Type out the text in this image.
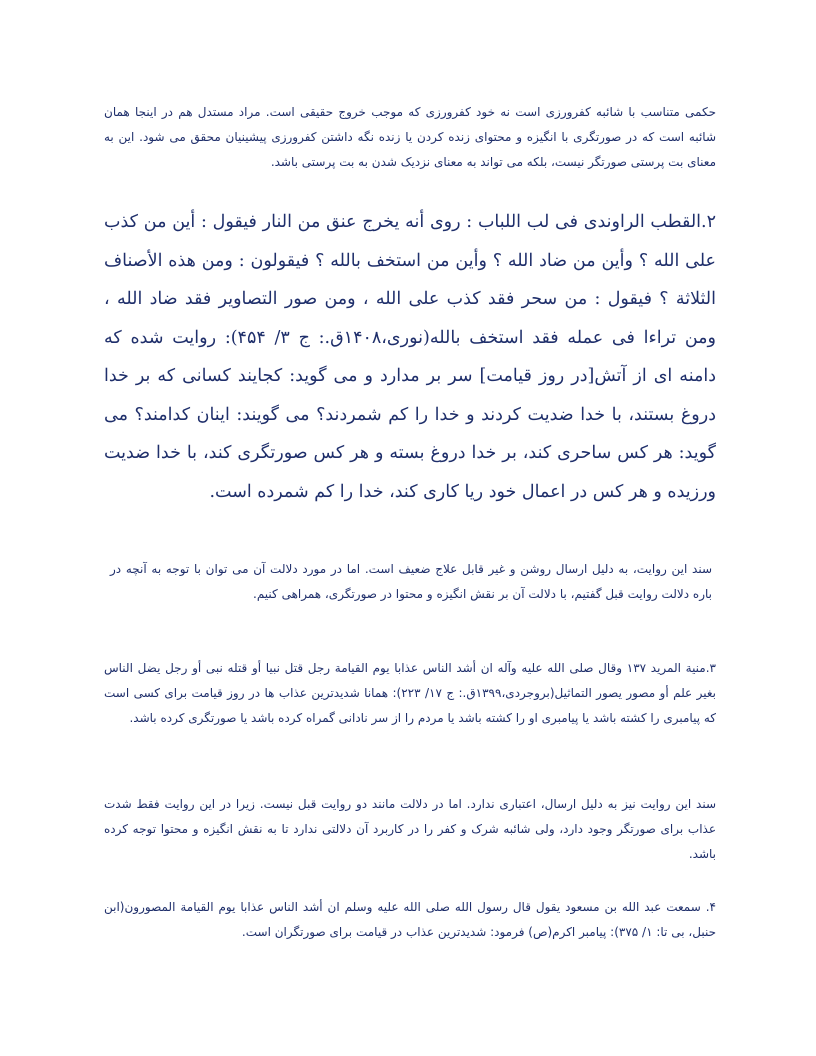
حکمی متناسب با شائبه کفرورزی است نه خود کفرورزی که موجب خروج حقیقی است. مراد مستدل هم در اینجا همان شائبه است که در صورتگری با انگیزه و محتوای زنده کردن یا زنده نگه داشتن کفرورزی پیشینیان محقق می شود. این به معنای بت پرستی صورتگر نیست، بلکه می تواند به معنای نزدیک شدن به بت پرستی باشد.

۲.القطب الراوندی فی لب اللباب : روی أنه یخرج عنق من النار فیقول : أین من کذب علی الله ؟ وأین من ضاد الله ؟ وأین من استخف بالله ؟ فیقولون : ومن هذه الأصناف الثلاثة ؟ فیقول : من سحر فقد کذب علی الله ، ومن صور التصاویر فقد ضاد الله ، ومن تراءا فی عمله فقد استخف بالله(نوری،۱۴۰۸ق.: ج ۳/ ۴۵۴): روایت شده که دامنه ای از آتش[در روز قیامت] سر بر مدارد و می گوید: کجایند کسانی که بر خدا دروغ بستند، با خدا ضدیت کردند و خدا را کم شمردند؟ می گویند: اینان کدامند؟ می گوید: هر کس ساحری کند، بر خدا دروغ بسته و هر کس صورتگری کند، با خدا ضدیت ورزیده و هر کس در اعمال خود ریا کاری کند، خدا را کم شمرده است.

سند این روایت، به دلیل ارسال روشن و غیر قابل علاج ضعیف است. اما در مورد دلالت آن می توان با توجه به آنچه در باره دلالت روایت قبل گفتیم، با دلالت آن بر نقش انگیزه و محتوا در صورتگری، همراهی کنیم.

۳.منیة المرید ۱۳۷ وقال صلی الله علیه وآله ان أشد الناس عذابا یوم القیامة رجل قتل نبیا أو قتله نبی أو رجل یضل الناس بغیر علم أو مصور یصور التماثیل(بروجردی،۱۳۹۹ق.: ج ۱۷/ ۲۲۳): همانا شدیدترین عذاب ها در روز قیامت برای کسی است که پیامبری را کشته باشد یا پیامبری او را کشته باشد یا مردم را از سر نادانی گمراه کرده باشد یا صورتگری کرده باشد.

سند این روایت نیز به دلیل ارسال، اعتباری ندارد. اما در دلالت مانند دو روایت قبل نیست. زیرا در این روایت فقط شدت عذاب برای صورتگر وجود دارد، ولی شائبه شرک و کفر را در کاربرد آن دلالتی ندارد تا به نقش انگیزه و محتوا توجه کرده باشد.

۴. سمعت عبد الله بن مسعود یقول قال رسول الله صلی الله علیه وسلم ان أشد الناس عذابا یوم القیامة المصورون(ابن حنبل، بی تا: ۱/ ۳۷۵): پیامبر اکرم(ص) فرمود: شدیدترین عذاب در قیامت برای صورتگران است.
